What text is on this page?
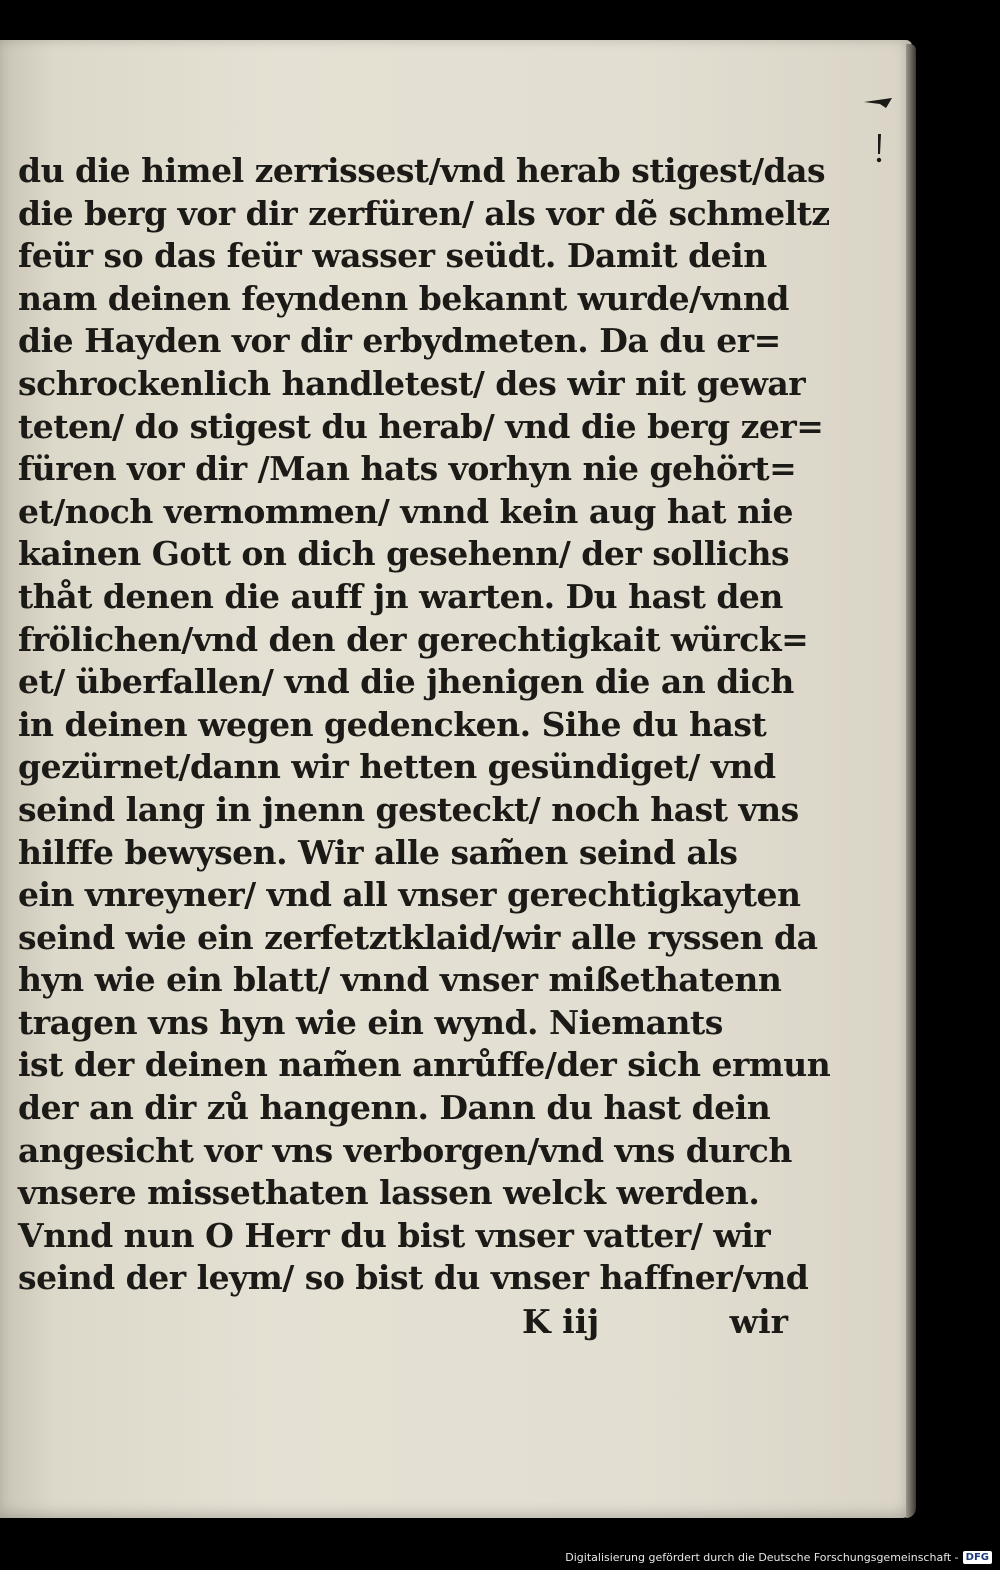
du die himel zerrissest/vnd herab stigest/das
die berg vor dir zerfüren/ als vor dẽ schmeltz
feür so das feür wasser seüdt. Damit dein
nam deinen feyndenn bekannt wurde/vnnd
die Hayden vor dir erbydmeten. Da du er=
schrockenlich handletest/ des wir nit gewar
teten/ do stigest du herab/ vnd die berg zer=
füren vor dir /Man hats vorhyn nie gehört=
et/noch vernommen/ vnnd kein aug hat nie
kainen Gott on dich gesehenn/ der sollichs
thåt denen die auff jn warten. Du hast den
frölichen/vnd den der gerechtigkait würck=
et/ überfallen/ vnd die jhenigen die an dich
in deinen wegen gedencken. Sihe du hast
gezürnet/dann wir hetten gesündiget/ vnd
seind lang in jnenn gesteckt/ noch hast vns
hilffe bewysen. Wir alle sam̃en seind als
ein vnreyner/ vnd all vnser gerechtigkayten
seind wie ein zerfetztklaid/wir alle ryssen da
hyn wie ein blatt/ vnnd vnser mißethatenn
tragen vns hyn wie ein wynd. Niemants
ist der deinen nam̃en anrůffe/der sich ermun
der an dir zů hangenn. Dann du hast dein
angesicht vor vns verborgen/vnd vns durch
vnsere missethaten lassen welck werden.
Vnnd nun O Herr du bist vnser vatter/ wir
seind der leym/ so bist du vnser haffner/vnd
K iij	wir
Digitalisierung gefördert durch die Deutsche Forschungsgemeinschaft - DFG
